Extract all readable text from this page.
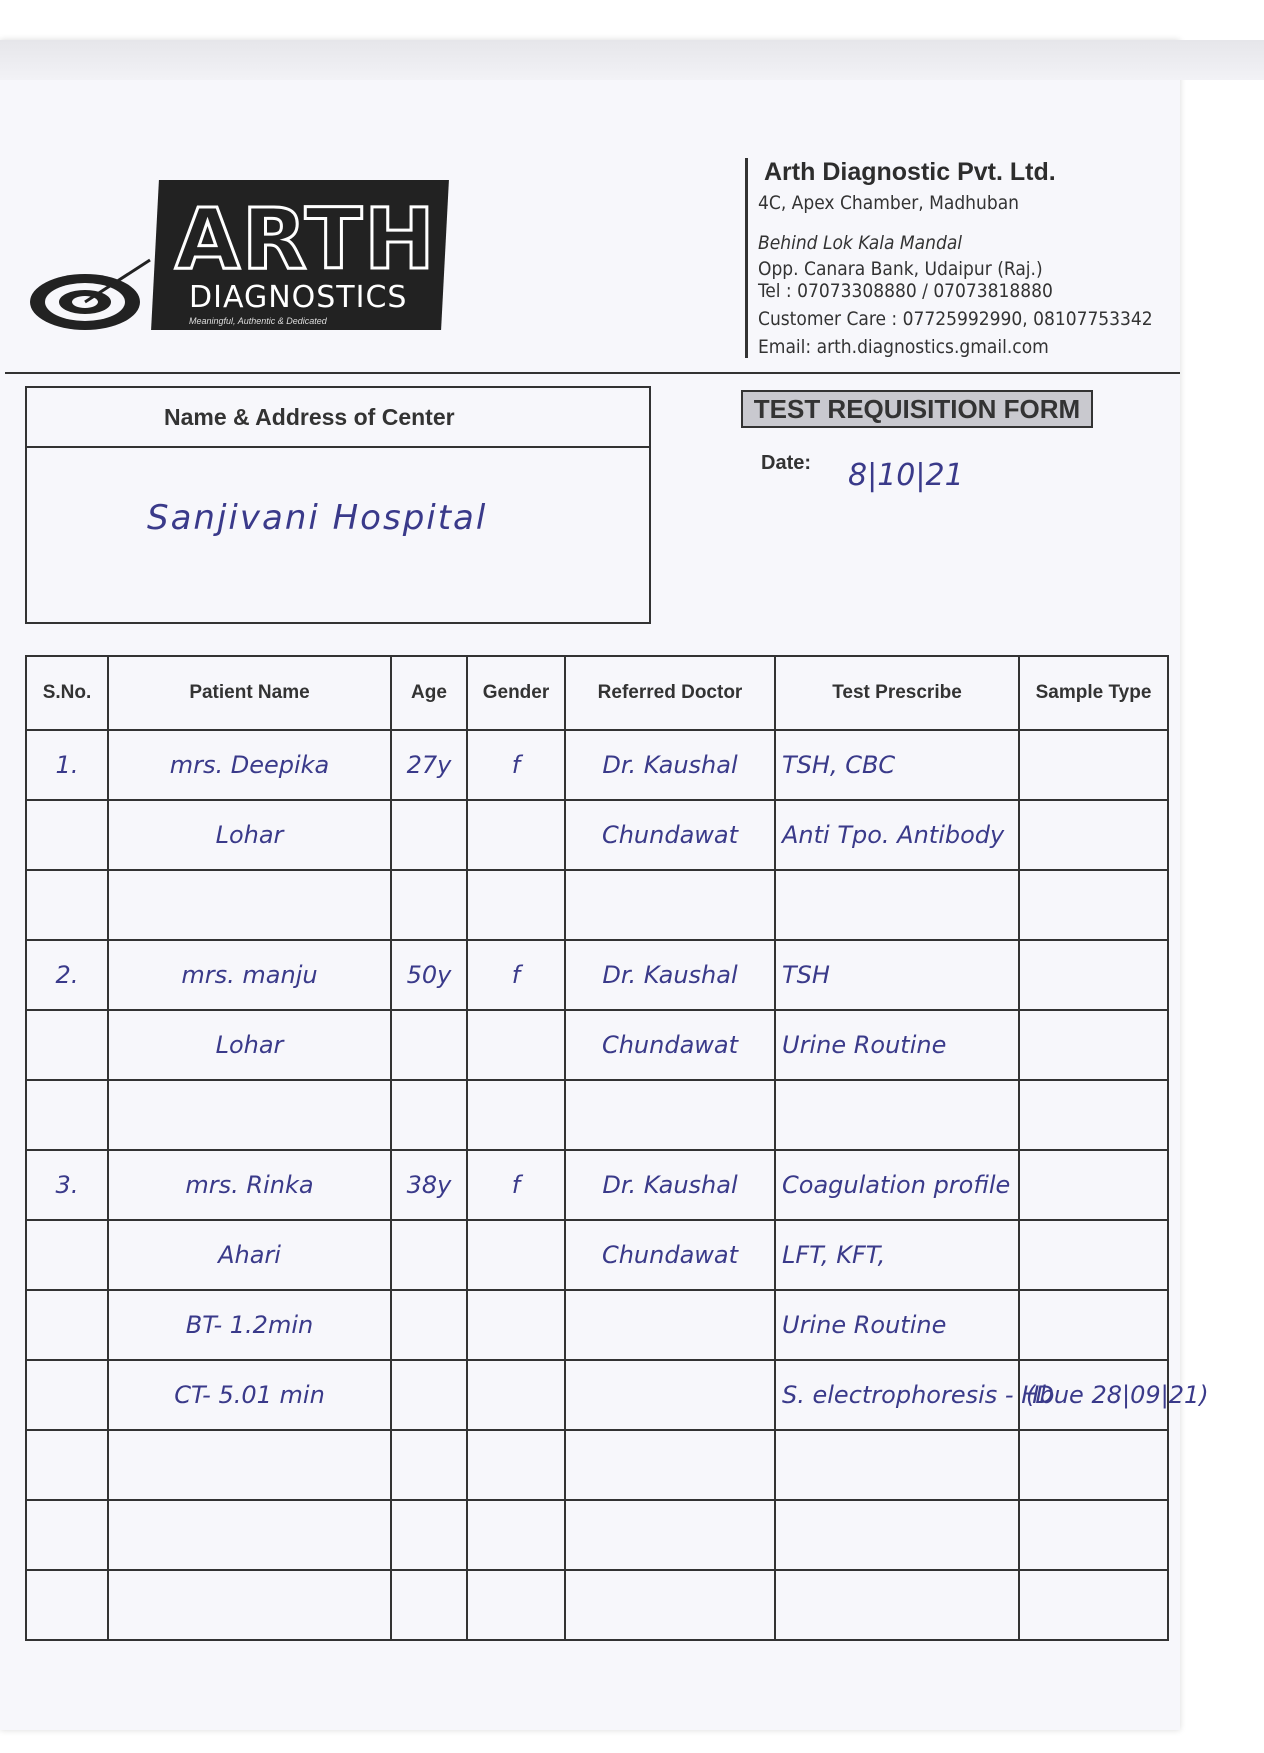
ARTH
DIAGNOSTICS
Meaningful, Authentic & Dedicated
Arth Diagnostic Pvt. Ltd.
4C, Apex Chamber, Madhuban
Behind Lok Kala Mandal
Opp. Canara Bank, Udaipur (Raj.)
Tel : 07073308880 / 07073818880
Customer Care : 07725992990, 08107753342
Email: arth.diagnostics.gmail.com
Name & Address of Center
Sanjivani Hospital
TEST REQUISITION FORM
Date: 8|10|21
S.No.	Patient Name	Age	Gender	Referred Doctor	Test Prescribe	Sample Type
1.	mrs. Deepika	27y	f	Dr. Kaushal	TSH, CBC	
	Lohar			Chundawat	Anti Tpo. Antibody	

2.	mrs. manju	50y	f	Dr. Kaushal	TSH	
	Lohar			Chundawat	Urine Routine	

3.	mrs. Rinka	38y	f	Dr. Kaushal	Coagulation profile	
	Ahari			Chundawat	LFT, KFT,	
	BT- 1.2min				Urine Routine	
	CT- 5.01 min				S. electrophoresis - Hb	(Due 28|09|21)
